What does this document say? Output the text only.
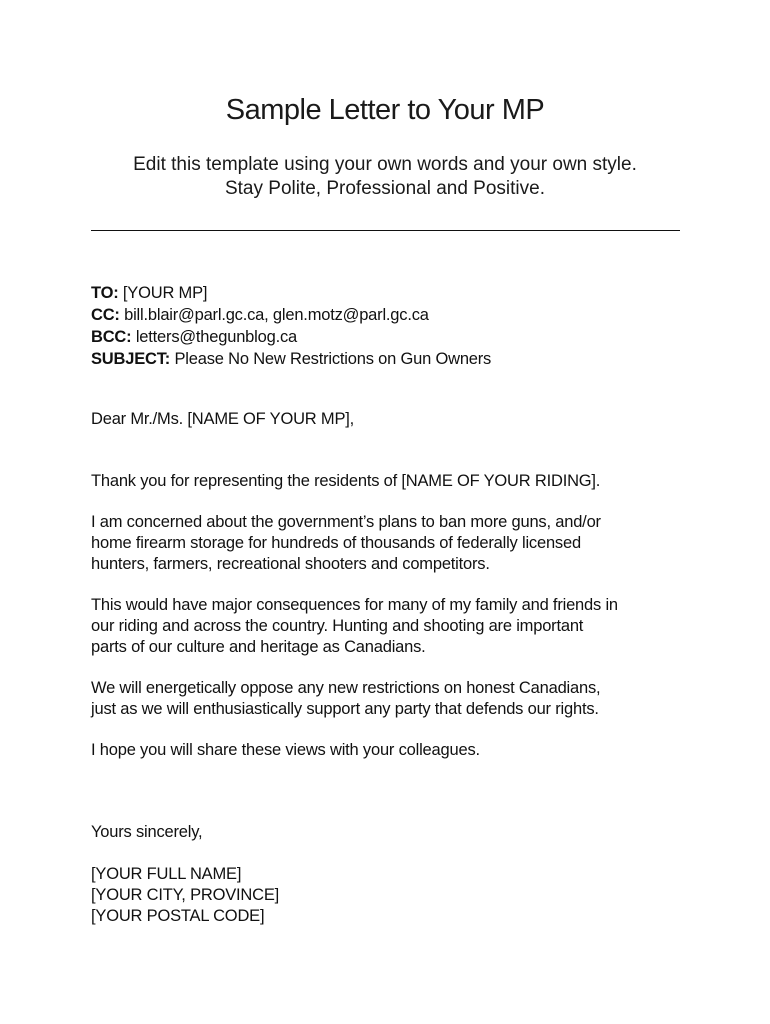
Sample Letter to Your MP
Edit this template using your own words and your own style.
Stay Polite, Professional and Positive.
TO: [YOUR MP]
CC: bill.blair@parl.gc.ca, glen.motz@parl.gc.ca
BCC: letters@thegunblog.ca
SUBJECT: Please No New Restrictions on Gun Owners
Dear Mr./Ms. [NAME OF YOUR MP],
Thank you for representing the residents of [NAME OF YOUR RIDING].
I am concerned about the government’s plans to ban more guns, and/or
home firearm storage for hundreds of thousands of federally licensed
hunters, farmers, recreational shooters and competitors.
This would have major consequences for many of my family and friends in
our riding and across the country. Hunting and shooting are important
parts of our culture and heritage as Canadians.
We will energetically oppose any new restrictions on honest Canadians,
just as we will enthusiastically support any party that defends our rights.
I hope you will share these views with your colleagues.
Yours sincerely,
[YOUR FULL NAME]
[YOUR CITY, PROVINCE]
[YOUR POSTAL CODE]
